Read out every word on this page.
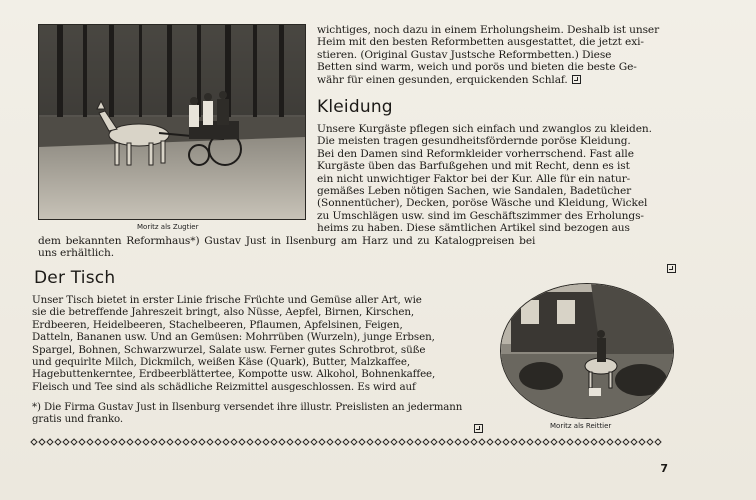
Moritz als Zugtier
wichtiges, noch dazu in einem Erholungsheim. Deshalb ist unser
Heim mit den besten Reformbetten ausgestattet, die jetzt exi-
stieren. (Original Gustav Justsche Reformbetten.) Diese
Betten sind warm, weich und porös und bieten die beste Ge-
währ für einen gesunden, erquickenden Schlaf.
Kleidung
Unsere Kurgäste pflegen sich einfach und zwanglos zu kleiden.
Die meisten tragen gesundheitsfördernde poröse Kleidung.
Bei den Damen sind Reformkleider vorherrschend. Fast alle
Kurgäste üben das Barfußgehen und mit Recht, denn es ist
ein nicht unwichtiger Faktor bei der Kur. Alle für ein natur-
gemäßes Leben nötigen Sachen, wie Sandalen, Badetücher
(Sonnentücher), Decken, poröse Wäsche und Kleidung, Wickel
zu Umschlägen usw. sind im Geschäftszimmer des Erholungs-
heims zu haben. Diese sämtlichen Artikel sind bezogen aus
dem bekannten Reformhaus*) Gustav Just in Ilsenburg am Harz und zu Katalogpreisen bei
uns erhältlich.
Der Tisch
Unser Tisch bietet in erster Linie frische Früchte und Gemüse aller Art, wie
sie die betreffende Jahreszeit bringt, also Nüsse, Aepfel, Birnen, Kirschen,
Erdbeeren, Heidelbeeren, Stachelbeeren, Pflaumen, Apfelsinen, Feigen,
Datteln, Bananen usw. Und an Gemüsen: Mohrrüben (Wurzeln), junge Erbsen,
Spargel, Bohnen, Schwarzwurzel, Salate usw. Ferner gutes Schrotbrot, süße
und gequirlte Milch, Dickmilch, weißen Käse (Quark), Butter, Malzkaffee,
Hagebuttenkerntee, Erdbeerblättertee, Kompotte usw. Alkohol, Bohnenkaffee,
Fleisch und Tee sind als schädliche Reizmittel ausgeschlossen. Es wird auf
*) Die Firma Gustav Just in Ilsenburg versendet ihre illustr. Preislisten an jedermann
gratis und franko.
Moritz als Reittier
7
